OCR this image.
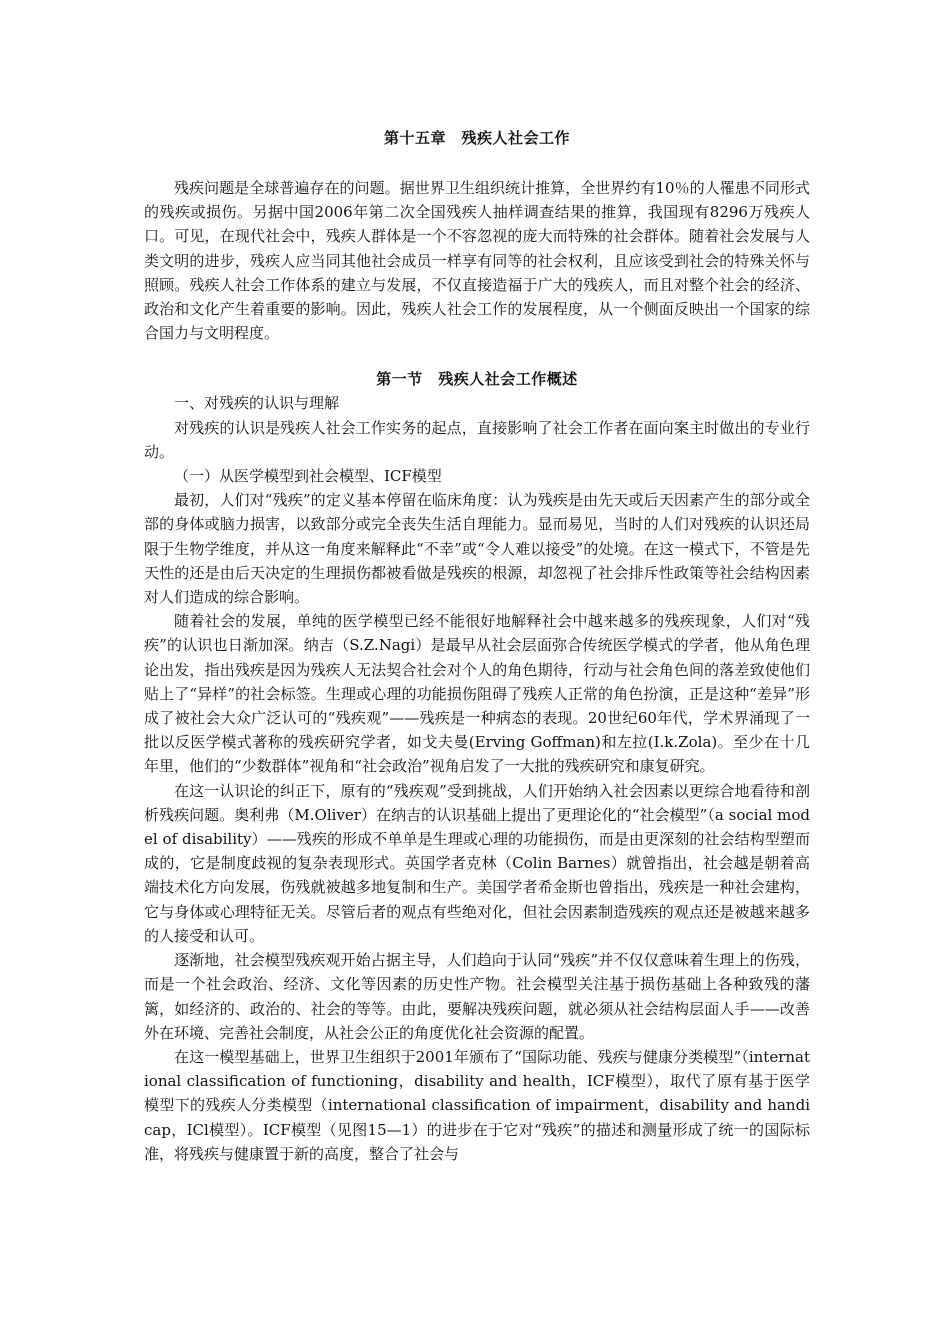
第十五章　残疾人社会工作

残疾问题是全球普遍存在的问题。据世界卫生组织统计推算，全世界约有10％的人罹患不同形式的残疾或损伤。另据中国2006年第二次全国残疾人抽样调查结果的推算，我国现有8296万残疾人口。可见，在现代社会中，残疾人群体是一个不容忽视的庞大而特殊的社会群体。随着社会发展与人类文明的进步，残疾人应当同其他社会成员一样享有同等的社会权利，且应该受到社会的特殊关怀与照顾。残疾人社会工作体系的建立与发展，不仅直接造福于广大的残疾人，而且对整个社会的经济、政治和文化产生着重要的影响。因此，残疾人社会工作的发展程度，从一个侧面反映出一个国家的综合国力与文明程度。

第一节　残疾人社会工作概述

一、对残疾的认识与理解

对残疾的认识是残疾人社会工作实务的起点，直接影响了社会工作者在面向案主时做出的专业行动。

（一）从医学模型到社会模型、ICF模型

最初，人们对“残疾”的定义基本停留在临床角度：认为残疾是由先天或后天因素产生的部分或全部的身体或脑力损害，以致部分或完全丧失生活自理能力。显而易见，当时的人们对残疾的认识还局限于生物学维度，并从这一角度来解释此“不幸”或“令人难以接受”的处境。在这一模式下，不管是先天性的还是由后天决定的生理损伤都被看做是残疾的根源，却忽视了社会排斥性政策等社会结构因素对人们造成的综合影响。

随着社会的发展，单纯的医学模型已经不能很好地解释社会中越来越多的残疾现象，人们对“残疾”的认识也日渐加深。纳吉（S.Z.Nagi）是最早从社会层面弥合传统医学模式的学者，他从角色理论出发，指出残疾是因为残疾人无法契合社会对个人的角色期待，行动与社会角色间的落差致使他们贴上了“异样”的社会标签。生理或心理的功能损伤阻碍了残疾人正常的角色扮演，正是这种“差异”形成了被社会大众广泛认可的“残疾观”——残疾是一种病态的表现。20世纪60年代，学术界涌现了一批以反医学模式著称的残疾研究学者，如戈夫曼(Erving Goffman)和左拉(I.k.Zola)。至少在十几年里，他们的“少数群体”视角和“社会政治”视角启发了一大批的残疾研究和康复研究。

在这一认识论的纠正下，原有的“残疾观”受到挑战，人们开始纳入社会因素以更综合地看待和剖析残疾问题。奥利弗（M.Oliver）在纳吉的认识基础上提出了更理论化的“社会模型”（a social model of disability）——残疾的形成不单单是生理或心理的功能损伤，而是由更深刻的社会结构型塑而成的，它是制度歧视的复杂表现形式。英国学者克林（Colin Barnes）就曾指出，社会越是朝着高端技术化方向发展，伤残就被越多地复制和生产。美国学者希金斯也曾指出，残疾是一种社会建构，它与身体或心理特征无关。尽管后者的观点有些绝对化，但社会因素制造残疾的观点还是被越来越多的人接受和认可。

逐渐地，社会模型残疾观开始占据主导，人们趋向于认同“残疾”并不仅仅意味着生理上的伤残，而是一个社会政治、经济、文化等因素的历史性产物。社会模型关注基于损伤基础上各种致残的藩篱，如经济的、政治的、社会的等等。由此，要解决残疾问题，就必须从社会结构层面人手——改善外在环境、完善社会制度，从社会公正的角度优化社会资源的配置。

在这一模型基础上，世界卫生组织于2001年颁布了“国际功能、残疾与健康分类模型”（international classification of functioning，disability and health，ICF模型），取代了原有基于医学模型下的残疾人分类模型（international classification of impairment，disability and handicap，ICl模型）。ICF模型（见图15—1）的进步在于它对“残疾”的描述和测量形成了统一的国际标准，将残疾与健康置于新的高度，整合了社会与
